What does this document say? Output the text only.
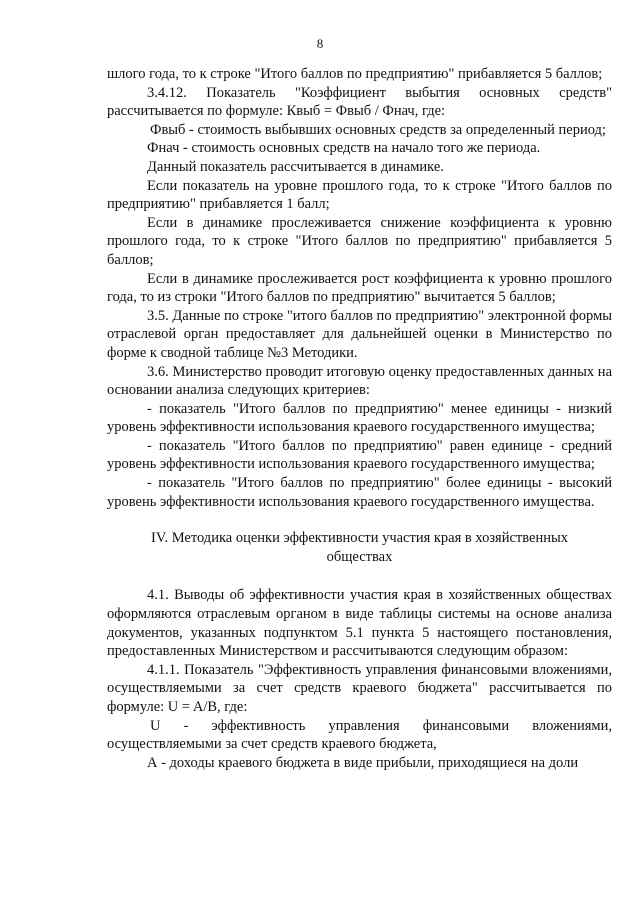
8

шлого года, то к строке "Итого баллов по предприятию" прибавляется 5 баллов;

3.4.12. Показатель "Коэффициент выбытия основных средств" рассчитывается по формуле: Квыб = Фвыб / Фнач, где:

Фвыб - стоимость выбывших основных средств за определенный период;

Фнач - стоимость основных средств на начало того же периода.

Данный показатель рассчитывается в динамике.

Если показатель на уровне прошлого года, то к строке "Итого баллов по предприятию" прибавляется 1 балл;

Если в динамике прослеживается снижение коэффициента к уровню прошлого года, то к строке "Итого баллов по предприятию" прибавляется 5 баллов;

Если в динамике прослеживается рост коэффициента к уровню прошлого года, то из строки "Итого баллов по предприятию" вычитается 5 баллов;

3.5. Данные по строке "итого баллов по предприятию" электронной формы отраслевой орган предоставляет для дальнейшей оценки в Министерство по форме к сводной таблице №3 Методики.

3.6. Министерство проводит итоговую оценку предоставленных данных на основании анализа следующих критериев:

- показатель "Итого баллов по предприятию" менее единицы - низкий уровень эффективности использования краевого государственного имущества;

- показатель "Итого баллов по предприятию" равен единице - средний уровень эффективности использования краевого государственного имущества;

- показатель "Итого баллов по предприятию" более единицы - высокий уровень эффективности использования краевого государственного имущества.

IV. Методика оценки эффективности участия края в хозяйственных
обществах

4.1. Выводы об эффективности участия края в хозяйственных обществах оформляются отраслевым органом в виде таблицы системы на основе анализа документов, указанных подпунктом 5.1 пункта 5 настоящего постановления, предоставленных Министерством и рассчитываются следующим образом:

4.1.1. Показатель "Эффективность управления финансовыми вложениями, осуществляемыми за счет средств краевого бюджета" рассчитывается по формуле: U = A/B, где:

U - эффективность управления финансовыми вложениями, осуществляемыми за счет средств краевого бюджета,

А - доходы краевого бюджета в виде прибыли, приходящиеся на доли
